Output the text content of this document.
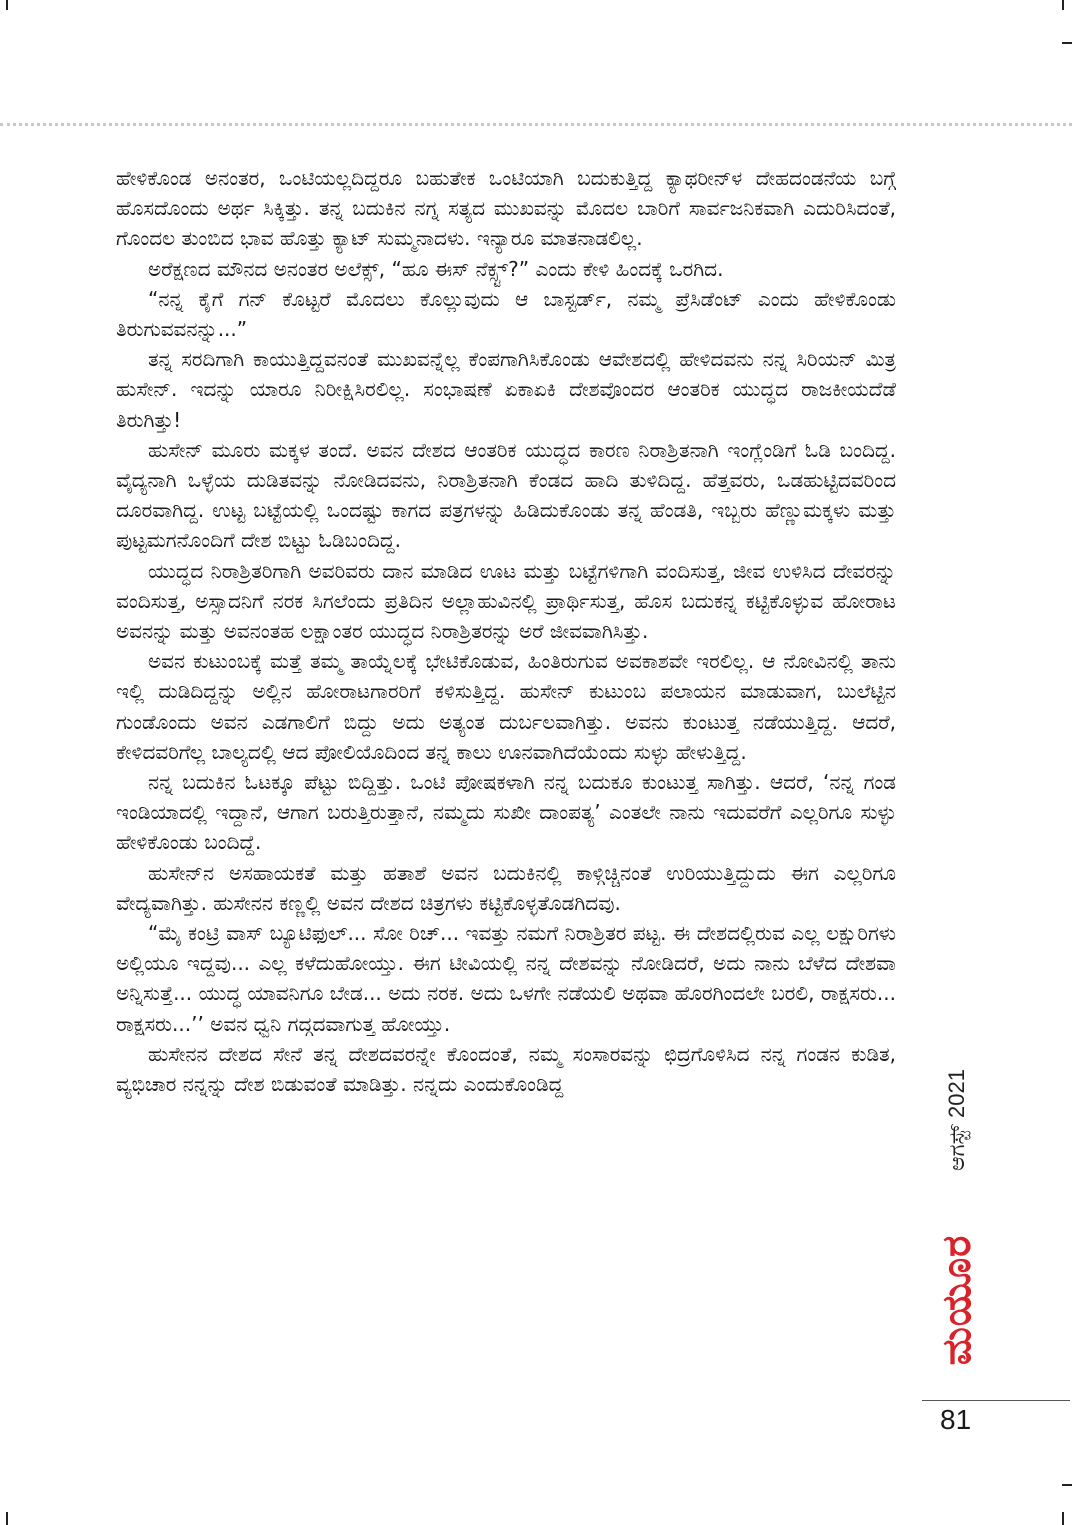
ಹೇಳಿಕೊಂಡ ಅನಂತರ, ಒಂಟಿಯಲ್ಲದಿದ್ದರೂ ಬಹುತೇಕ ಒಂಟಿಯಾಗಿ ಬದುಕುತ್ತಿದ್ದ ಕ್ಯಾಥರೀನ್‌ಳ ದೇಹದಂಡನೆಯ ಬಗ್ಗೆ ಹೊಸದೊಂದು ಅರ್ಥ ಸಿಕ್ಕಿತ್ತು. ತನ್ನ ಬದುಕಿನ ನಗ್ನ ಸತ್ಯದ ಮುಖವನ್ನು ಮೊದಲ ಬಾರಿಗೆ ಸಾರ್ವಜನಿಕವಾಗಿ ಎದುರಿಸಿದಂತೆ, ಗೊಂದಲ ತುಂಬಿದ ಭಾವ ಹೊತ್ತು ಕ್ಯಾಟ್ ಸುಮ್ಮನಾದಳು. ಇನ್ಯಾರೂ ಮಾತನಾಡಲಿಲ್ಲ.

ಅರೆಕ್ಷಣದ ಮೌನದ ಅನಂತರ ಅಲೆಕ್ಸ್, “ಹೂ ಈಸ್ ನೆಕ್ಸ್ಟ್?” ಎಂದು ಕೇಳಿ ಹಿಂದಕ್ಕೆ ಒರಗಿದ.

“ನನ್ನ ಕೈಗೆ ಗನ್ ಕೊಟ್ಟರೆ ಮೊದಲು ಕೊಲ್ಲುವುದು ಆ ಬಾಸ್ಟರ್ಡ್, ನಮ್ಮ ಪ್ರೆಸಿಡೆಂಟ್ ಎಂದು ಹೇಳಿಕೊಂಡು ತಿರುಗುವವನನ್ನು...”

ತನ್ನ ಸರದಿಗಾಗಿ ಕಾಯುತ್ತಿದ್ದವನಂತೆ ಮುಖವನ್ನೆಲ್ಲ ಕೆಂಪಗಾಗಿಸಿಕೊಂಡು ಆವೇಶದಲ್ಲಿ ಹೇಳಿದವನು ನನ್ನ ಸಿರಿಯನ್ ಮಿತ್ರ ಹುಸೇನ್. ಇದನ್ನು ಯಾರೂ ನಿರೀಕ್ಷಿಸಿರಲಿಲ್ಲ. ಸಂಭಾಷಣೆ ಏಕಾಏಕಿ ದೇಶವೊಂದರ ಆಂತರಿಕ ಯುದ್ಧದ ರಾಜಕೀಯದೆಡೆ ತಿರುಗಿತ್ತು!

ಹುಸೇನ್ ಮೂರು ಮಕ್ಕಳ ತಂದೆ. ಅವನ ದೇಶದ ಆಂತರಿಕ ಯುದ್ಧದ ಕಾರಣ ನಿರಾಶ್ರಿತನಾಗಿ ಇಂಗ್ಲೆಂಡಿಗೆ ಓಡಿ ಬಂದಿದ್ದ. ವೈದ್ಯನಾಗಿ ಒಳ್ಳೆಯ ದುಡಿತವನ್ನು ನೋಡಿದವನು, ನಿರಾಶ್ರಿತನಾಗಿ ಕೆಂಡದ ಹಾದಿ ತುಳಿದಿದ್ದ. ಹೆತ್ತವರು, ಒಡಹುಟ್ಟಿದವರಿಂದ ದೂರವಾಗಿದ್ದ. ಉಟ್ಟ ಬಟ್ಟೆಯಲ್ಲಿ ಒಂದಷ್ಟು ಕಾಗದ ಪತ್ರಗಳನ್ನು ಹಿಡಿದುಕೊಂಡು ತನ್ನ ಹೆಂಡತಿ, ಇಬ್ಬರು ಹೆಣ್ಣುಮಕ್ಕಳು ಮತ್ತು ಪುಟ್ಟಮಗನೊಂದಿಗೆ ದೇಶ ಬಿಟ್ಟು ಓಡಿಬಂದಿದ್ದ.

ಯುದ್ಧದ ನಿರಾಶ್ರಿತರಿಗಾಗಿ ಅವರಿವರು ದಾನ ಮಾಡಿದ ಊಟ ಮತ್ತು ಬಟ್ಟೆಗಳಿಗಾಗಿ ವಂದಿಸುತ್ತ, ಜೀವ ಉಳಿಸಿದ ದೇವರನ್ನು ವಂದಿಸುತ್ತ, ಅಸ್ಸಾದನಿಗೆ ನರಕ ಸಿಗಲೆಂದು ಪ್ರತಿದಿನ ಅಲ್ಲಾಹುವಿನಲ್ಲಿ ಪ್ರಾರ್ಥಿಸುತ್ತ, ಹೊಸ ಬದುಕನ್ನ ಕಟ್ಟಿಕೊಳ್ಳುವ ಹೋರಾಟ ಅವನನ್ನು ಮತ್ತು ಅವನಂತಹ ಲಕ್ಷಾಂತರ ಯುದ್ಧದ ನಿರಾಶ್ರಿತರನ್ನು ಅರೆ ಜೀವವಾಗಿಸಿತ್ತು.

ಅವನ ಕುಟುಂಬಕ್ಕೆ ಮತ್ತೆ ತಮ್ಮ ತಾಯ್ನೆಲಕ್ಕೆ ಭೇಟಿಕೊಡುವ, ಹಿಂತಿರುಗುವ ಅವಕಾಶವೇ ಇರಲಿಲ್ಲ. ಆ ನೋವಿನಲ್ಲಿ ತಾನು ಇಲ್ಲಿ ದುಡಿದಿದ್ದನ್ನು ಅಲ್ಲಿನ ಹೋರಾಟಗಾರರಿಗೆ ಕಳಿಸುತ್ತಿದ್ದ. ಹುಸೇನ್ ಕುಟುಂಬ ಪಲಾಯನ ಮಾಡುವಾಗ, ಬುಲೆಟ್ಟಿನ ಗುಂಡೊಂದು ಅವನ ಎಡಗಾಲಿಗೆ ಬಿದ್ದು ಅದು ಅತ್ಯಂತ ದುರ್ಬಲವಾಗಿತ್ತು. ಅವನು ಕುಂಟುತ್ತ ನಡೆಯುತ್ತಿದ್ದ. ಆದರೆ, ಕೇಳಿದವರಿಗೆಲ್ಲ ಬಾಲ್ಯದಲ್ಲಿ ಆದ ಪೋಲಿಯೊದಿಂದ ತನ್ನ ಕಾಲು ಊನವಾಗಿದೆಯೆಂದು ಸುಳ್ಳು ಹೇಳುತ್ತಿದ್ದ.

ನನ್ನ ಬದುಕಿನ ಓಟಕ್ಕೂ ಪೆಟ್ಟು ಬಿದ್ದಿತ್ತು. ಒಂಟಿ ಪೋಷಕಳಾಗಿ ನನ್ನ ಬದುಕೂ ಕುಂಟುತ್ತ ಸಾಗಿತ್ತು. ಆದರೆ, ‘ನನ್ನ ಗಂಡ ಇಂಡಿಯಾದಲ್ಲಿ ಇದ್ದಾನೆ, ಆಗಾಗ ಬರುತ್ತಿರುತ್ತಾನೆ, ನಮ್ಮದು ಸುಖೀ ದಾಂಪತ್ಯ’ ಎಂತಲೇ ನಾನು ಇದುವರೆಗೆ ಎಲ್ಲರಿಗೂ ಸುಳ್ಳು ಹೇಳಿಕೊಂಡು ಬಂದಿದ್ದೆ.

ಹುಸೇನ್‌ನ ಅಸಹಾಯಕತೆ ಮತ್ತು ಹತಾಶೆ ಅವನ ಬದುಕಿನಲ್ಲಿ ಕಾಳ್ಗಿಚ್ಚಿನಂತೆ ಉರಿಯುತ್ತಿದ್ದುದು ಈಗ ಎಲ್ಲರಿಗೂ ವೇದ್ಯವಾಗಿತ್ತು. ಹುಸೇನನ ಕಣ್ಣಲ್ಲಿ ಅವನ ದೇಶದ ಚಿತ್ರಗಳು ಕಟ್ಟಿಕೊಳ್ಳತೊಡಗಿದವು.

“ಮೈ ಕಂಟ್ರಿ ವಾಸ್ ಬ್ಯೂಟಿಫುಲ್... ಸೋ ರಿಚ್... ಇವತ್ತು ನಮಗೆ ನಿರಾಶ್ರಿತರ ಪಟ್ಟ. ಈ ದೇಶದಲ್ಲಿರುವ ಎಲ್ಲ ಲಕ್ಷುರಿಗಳು ಅಲ್ಲಿಯೂ ಇದ್ದವು... ಎಲ್ಲ ಕಳೆದುಹೋಯ್ತು. ಈಗ ಟೀವಿಯಲ್ಲಿ ನನ್ನ ದೇಶವನ್ನು ನೋಡಿದರೆ, ಅದು ನಾನು ಬೆಳೆದ ದೇಶವಾ ಅನ್ನಿಸುತ್ತೆ... ಯುದ್ಧ ಯಾವನಿಗೂ ಬೇಡ... ಅದು ನರಕ. ಅದು ಒಳಗೇ ನಡೆಯಲಿ ಅಥವಾ ಹೊರಗಿಂದಲೇ ಬರಲಿ, ರಾಕ್ಷಸರು... ರಾಕ್ಷಸರು...’’ ಅವನ ಧ್ವನಿ ಗದ್ಗದವಾಗುತ್ತ ಹೋಯ್ತು.

ಹುಸೇನನ ದೇಶದ ಸೇನೆ ತನ್ನ ದೇಶದವರನ್ನೇ ಕೊಂದಂತೆ, ನಮ್ಮ ಸಂಸಾರವನ್ನು ಛಿದ್ರಗೊಳಿಸಿದ ನನ್ನ ಗಂಡನ ಕುಡಿತ, ವ್ಯಭಿಚಾರ ನನ್ನನ್ನು ದೇಶ ಬಿಡುವಂತೆ ಮಾಡಿತ್ತು. ನನ್ನದು ಎಂದುಕೊಂಡಿದ್ದ	ಆಗಸ್ಟ್ 2021
ಮಯೂರ
81
